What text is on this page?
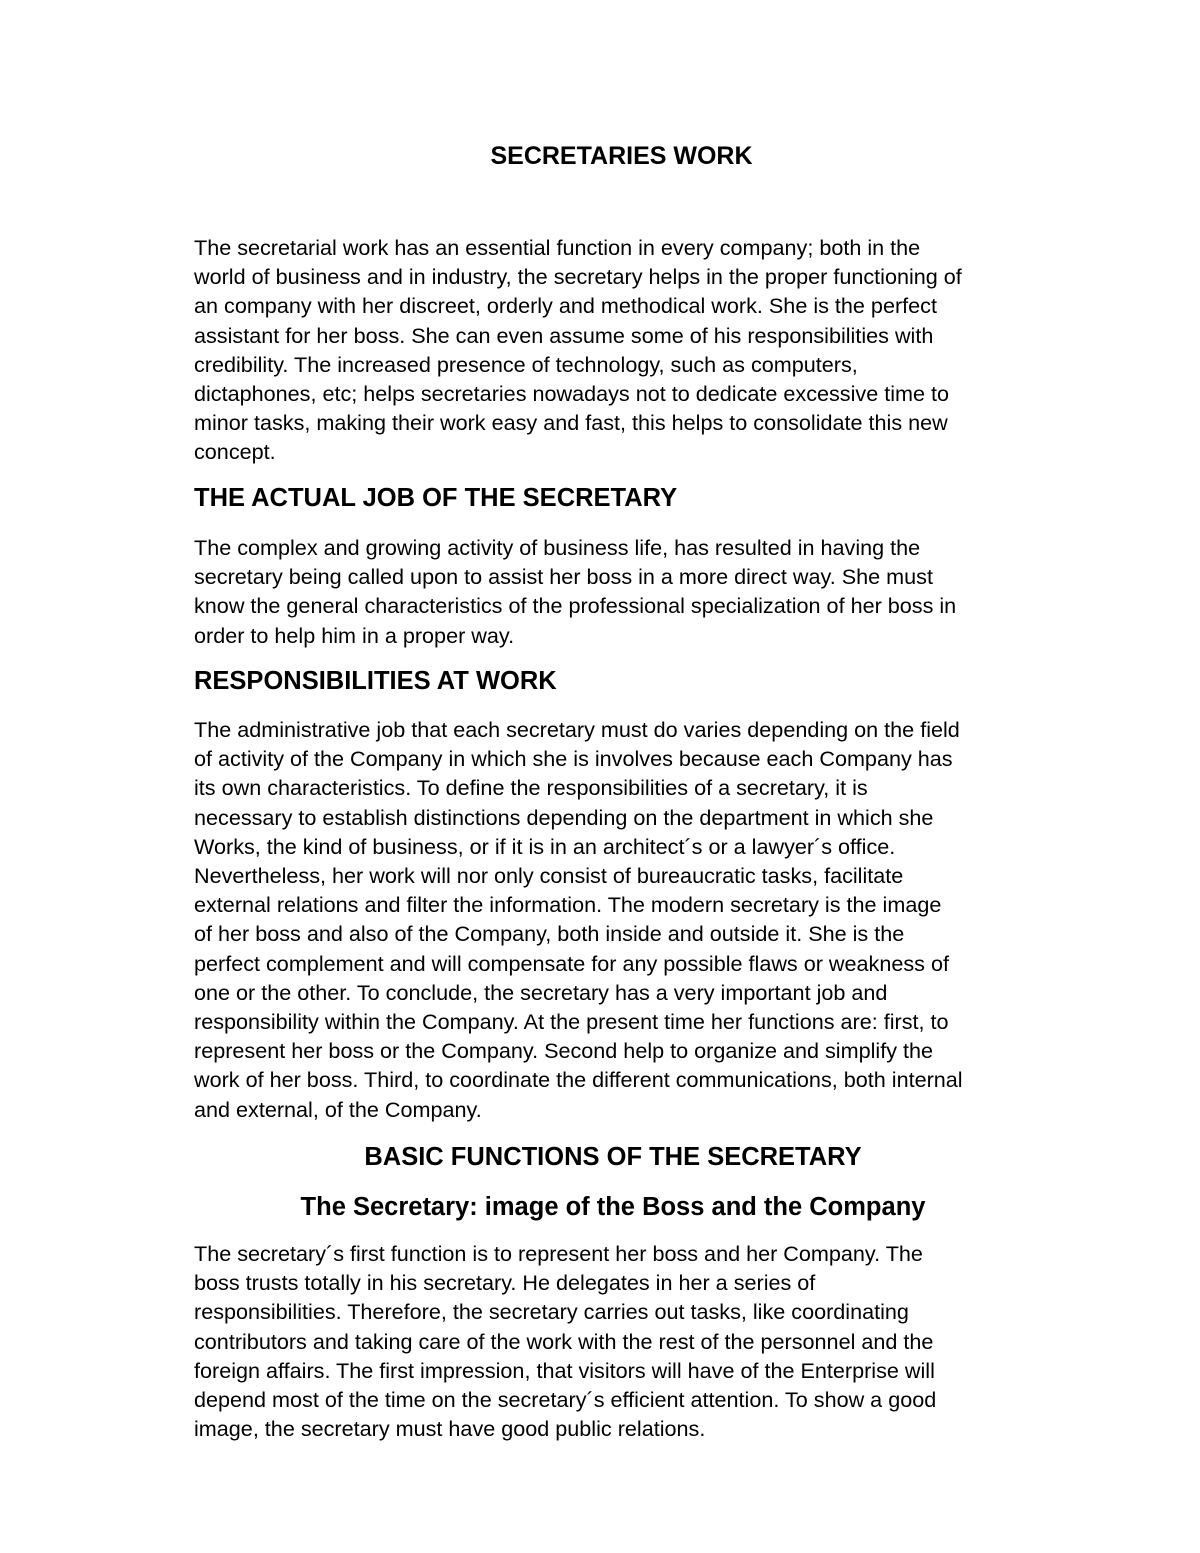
SECRETARIES WORK

The secretarial work has an essential function in every company; both in the
world of business and in industry, the secretary helps in the proper functioning of
an company with her discreet, orderly and methodical work. She is the perfect
assistant for her boss. She can even assume some of his responsibilities with
credibility. The increased presence of technology, such as computers,
dictaphones, etc; helps secretaries nowadays not to dedicate excessive time to
minor tasks, making their work easy and fast, this helps to consolidate this new
concept.

THE ACTUAL JOB OF THE SECRETARY

The complex and growing activity of business life, has resulted in having the
secretary being called upon to assist her boss in a more direct way. She must
know the general characteristics of the professional specialization of her boss in
order to help him in a proper way.

RESPONSIBILITIES AT WORK

The administrative job that each secretary must do varies depending on the field
of activity of the Company in which she is involves because each Company has
its own characteristics. To define the responsibilities of a secretary, it is
necessary to establish distinctions depending on the department in which she
Works, the kind of business, or if it is in an architect´s or a lawyer´s office.
Nevertheless, her work will nor only consist of bureaucratic tasks, facilitate
external relations and filter the information. The modern secretary is the image
of her boss and also of the Company, both inside and outside it. She is the
perfect complement and will compensate for any possible flaws or weakness of
one or the other. To conclude, the secretary has a very important job and
responsibility within the Company. At the present time her functions are: first, to
represent her boss or the Company. Second help to organize and simplify the
work of her boss. Third, to coordinate the different communications, both internal
and external, of the Company.

BASIC FUNCTIONS OF THE SECRETARY
The Secretary: image of the Boss and the Company

The secretary´s first function is to represent her boss and her Company. The
boss trusts totally in his secretary. He delegates in her a series of
responsibilities. Therefore, the secretary carries out tasks, like coordinating
contributors and taking care of the work with the rest of the personnel and the
foreign affairs. The first impression, that visitors will have of the Enterprise will
depend most of the time on the secretary´s efficient attention. To show a good
image, the secretary must have good public relations.
